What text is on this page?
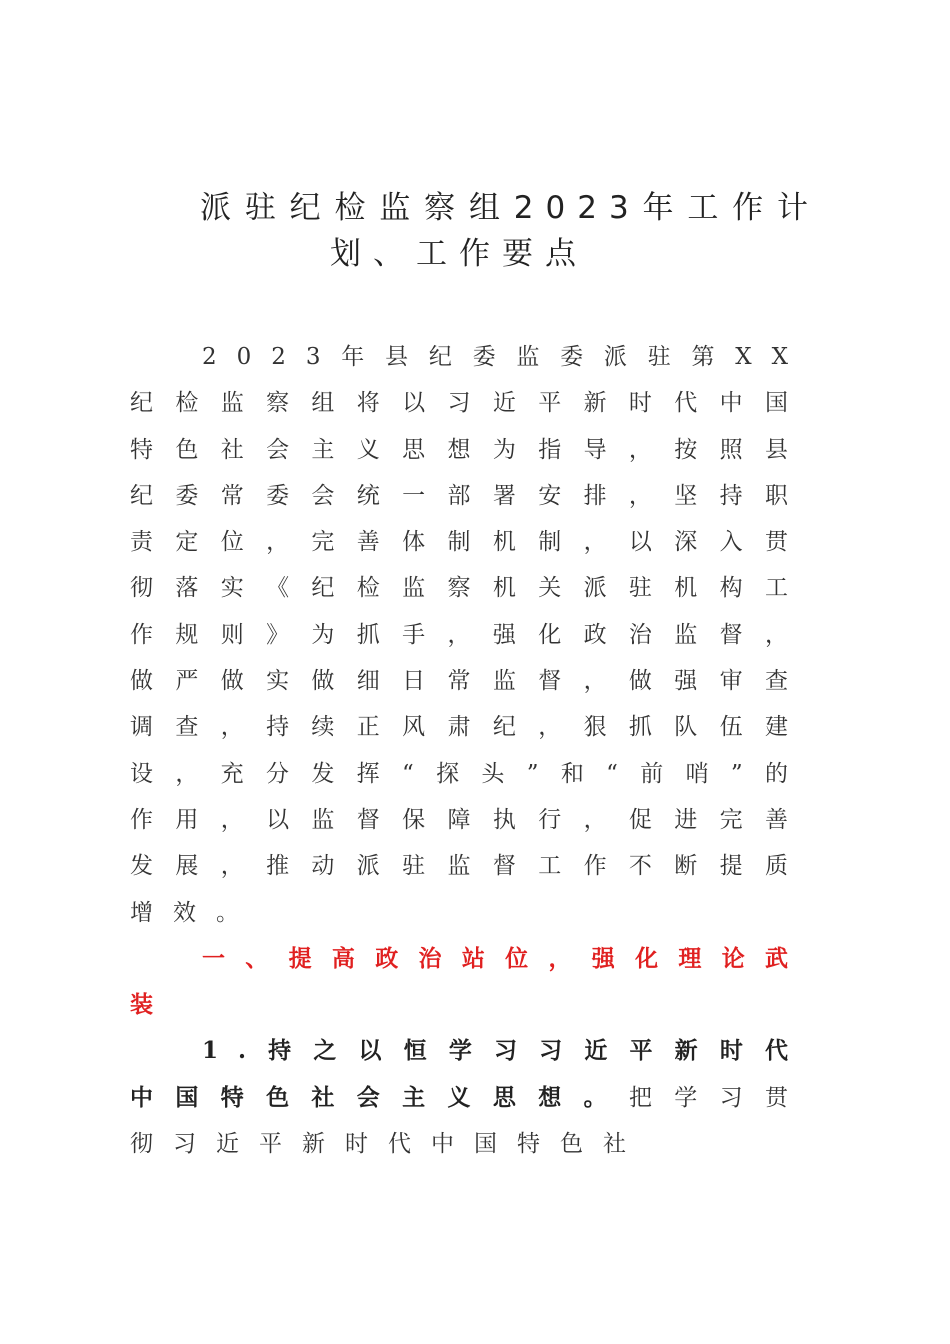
派驻纪检监察组2023年工作计
划、工作要点

2023年县纪委监委派驻第XX纪检监察组将以习近平新时代中国特色社会主义思想为指导，按照县纪委常委会统一部署安排，坚持职责定位，完善体制机制，以深入贯彻落实《纪检监察机关派驻机构工作规则》为抓手，强化政治监督，做严做实做细日常监督，做强审查调查，持续正风肃纪，狠抓队伍建设，充分发挥“探头”和“前哨”的作用，以监督保障执行，促进完善发展，推动派驻监督工作不断提质增效。

一、提高政治站位，强化理论武装

1.持之以恒学习习近平新时代中国特色社会主义思想。把学习贯彻习近平新时代中国特色社
